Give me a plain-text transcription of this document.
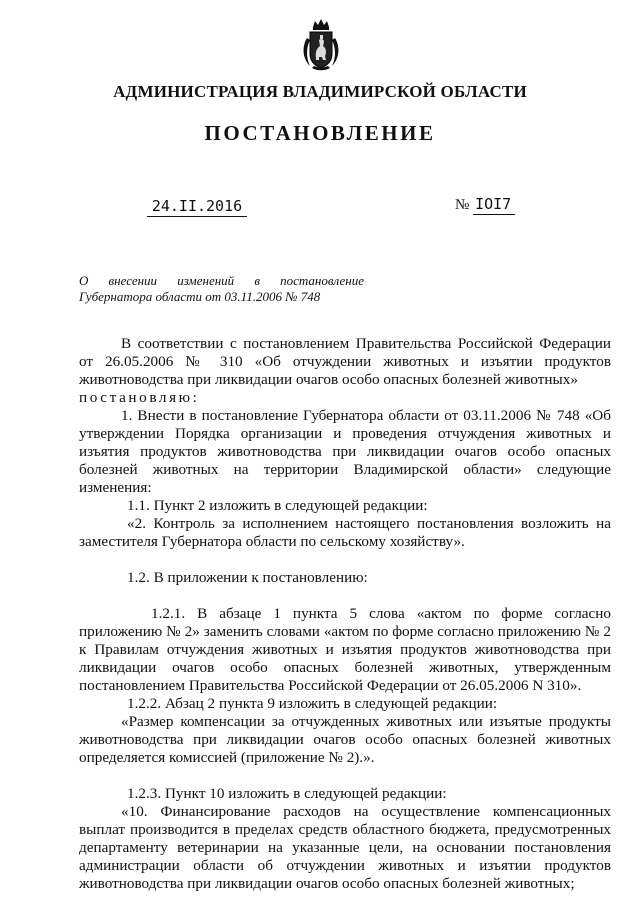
АДМИНИСТРАЦИЯ ВЛАДИМИРСКОЙ ОБЛАСТИ
ПОСТАНОВЛЕНИЕ
24.II.2016	№ IOI7
О внесении изменений в постановление
Губернатора области от 03.11.2006 № 748

В соответствии с постановлением Правительства Российской Федерации от 26.05.2006 № 310 «Об отчуждении животных и изъятии продуктов животноводства при ликвидации очагов особо опасных болезней животных»

постановляю:

1. Внести в постановление Губернатора области от 03.11.2006 № 748 «Об утверждении Порядка организации и проведения отчуждения животных и изъятия продуктов животноводства при ликвидации очагов особо опасных болезней животных на территории Владимирской области» следующие изменения:

1.1. Пункт 2 изложить в следующей редакции:

«2. Контроль за исполнением настоящего постановления возложить на заместителя Губернатора области по сельскому хозяйству».

1.2. В приложении к постановлению:

1.2.1. В абзаце 1 пункта 5 слова «актом по форме согласно приложению № 2» заменить словами «актом по форме согласно приложению № 2 к Правилам отчуждения животных и изъятия продуктов животноводства при ликвидации очагов особо опасных болезней животных, утвержденным постановлением Правительства Российской Федерации от 26.05.2006 N 310».

1.2.2. Абзац 2 пункта 9 изложить в следующей редакции:

«Размер компенсации за отчужденных животных или изъятые продукты животноводства при ликвидации очагов особо опасных болезней животных определяется комиссией (приложение № 2).».

1.2.3. Пункт 10 изложить в следующей редакции:

«10. Финансирование расходов на осуществление компенсационных выплат производится в пределах средств областного бюджета, предусмотренных департаменту ветеринарии на указанные цели, на основании постановления администрации области об отчуждении животных и изъятии продуктов животноводства при ликвидации очагов особо опасных болезней животных;
